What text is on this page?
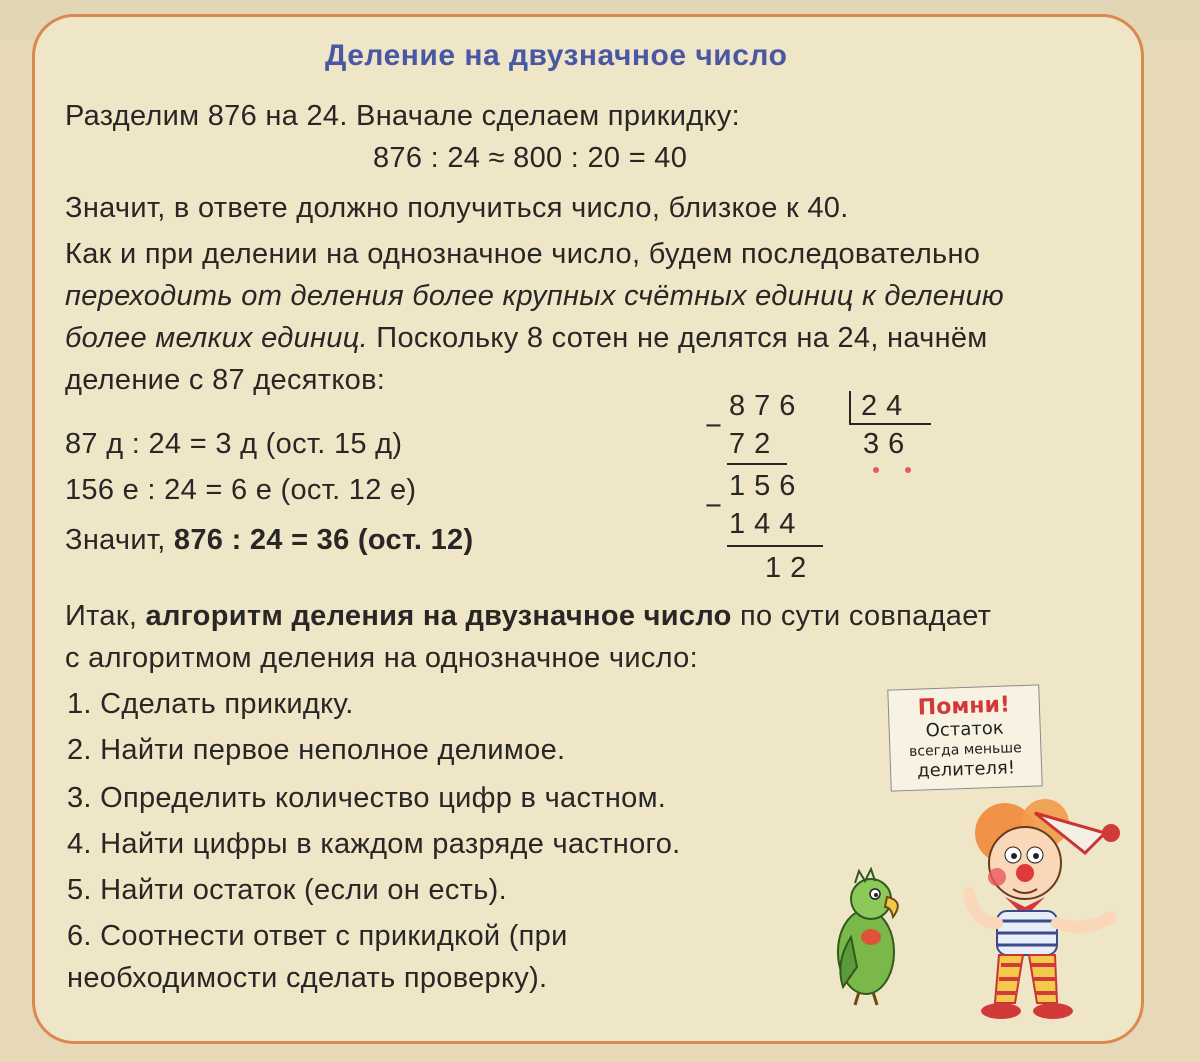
Деление на двузначное число
Разделим 876 на 24. Вначале сделаем прикидку:
876 : 24 ≈ 800 : 20 = 40
Значит, в ответе должно получиться число, близкое к 40.
Как и при делении на однозначное число, будем последовательно
переходить от деления более крупных счётных единиц к делению
более мелких единиц. Поскольку 8 сотен не делятся на 24, начнём
деление с 87 десятков:
87 д : 24 = 3 д (ост. 15 д)
156 е : 24 = 6 е (ост. 12 е)
Значит, 876 : 24 = 36 (ост. 12)
876 24
−
72	36
156
−
144
12
Итак, алгоритм деления на двузначное число по сути совпадает
с алгоритмом деления на однозначное число:
1. Сделать прикидку.
2. Найти первое неполное делимое.
3. Определить количество цифр в частном.
4. Найти цифры в каждом разряде частного.
5. Найти остаток (если он есть).
6. Соотнести ответ с прикидкой (при
необходимости сделать проверку).
Помни!
Остаток
всегда меньше
делителя!
